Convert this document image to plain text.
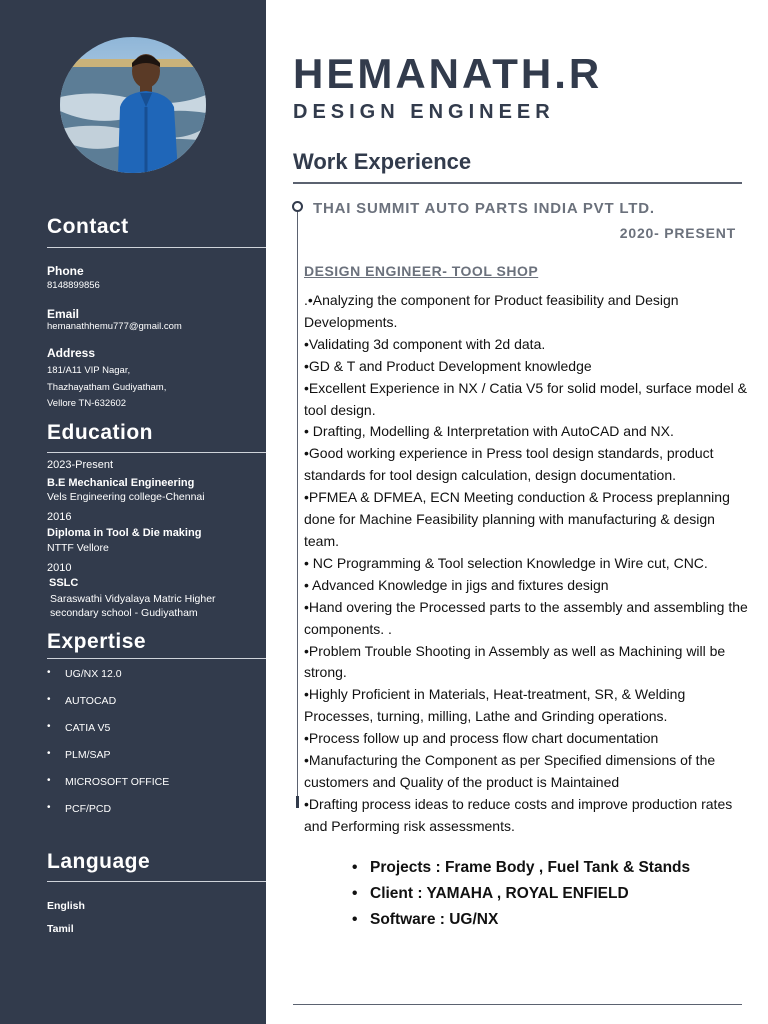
Contact
Phone
8148899856
Email
hemanathhemu777@gmail.com
Address
181/A11 VIP Nagar,
Thazhayatham Gudiyatham,
Vellore TN-632602
Education
2023-Present
B.E Mechanical Engineering
Vels Engineering college-Chennai
2016
Diploma in Tool & Die making
NTTF Vellore
2010
SSLC
Saraswathi Vidyalaya Matric Higher
secondary school - Gudiyatham
Expertise
• UG/NX 12.0
• AUTOCAD
• CATIA V5
• PLM/SAP
• MICROSOFT OFFICE
• PCF/PCD
Language
English
Tamil
HEMANATH.R
DESIGN ENGINEER
Work Experience
THAI SUMMIT AUTO PARTS INDIA PVT LTD.
2020- PRESENT
DESIGN ENGINEER- TOOL SHOP

.•Analyzing the component for Product feasibility and Design Developments.

•Validating 3d component with 2d data.

•GD & T and Product Development knowledge

•Excellent Experience in NX / Catia V5 for solid model, surface model & tool design.

• Drafting, Modelling & Interpretation with AutoCAD and NX.

•Good working experience in Press tool design standards, product standards for tool design calculation, design documentation.

•PFMEA & DFMEA, ECN Meeting conduction & Process preplanning done for Machine Feasibility planning with manufacturing & design team.

• NC Programming & Tool selection Knowledge in Wire cut, CNC.

• Advanced Knowledge in jigs and fixtures design

•Hand overing the Processed parts to the assembly and assembling the components. .

•Problem Trouble Shooting in Assembly as well as Machining will be strong.

•Highly Proficient in Materials, Heat-treatment, SR, & Welding Processes, turning, milling, Lathe and Grinding operations.

•Process follow up and process flow chart documentation

•Manufacturing the Component as per Specified dimensions of the customers and Quality of the product is Maintained

•Drafting process ideas to reduce costs and improve production rates and Performing risk assessments.

• Projects : Frame Body , Fuel Tank & Stands
• Client : YAMAHA , ROYAL ENFIELD
• Software : UG/NX
